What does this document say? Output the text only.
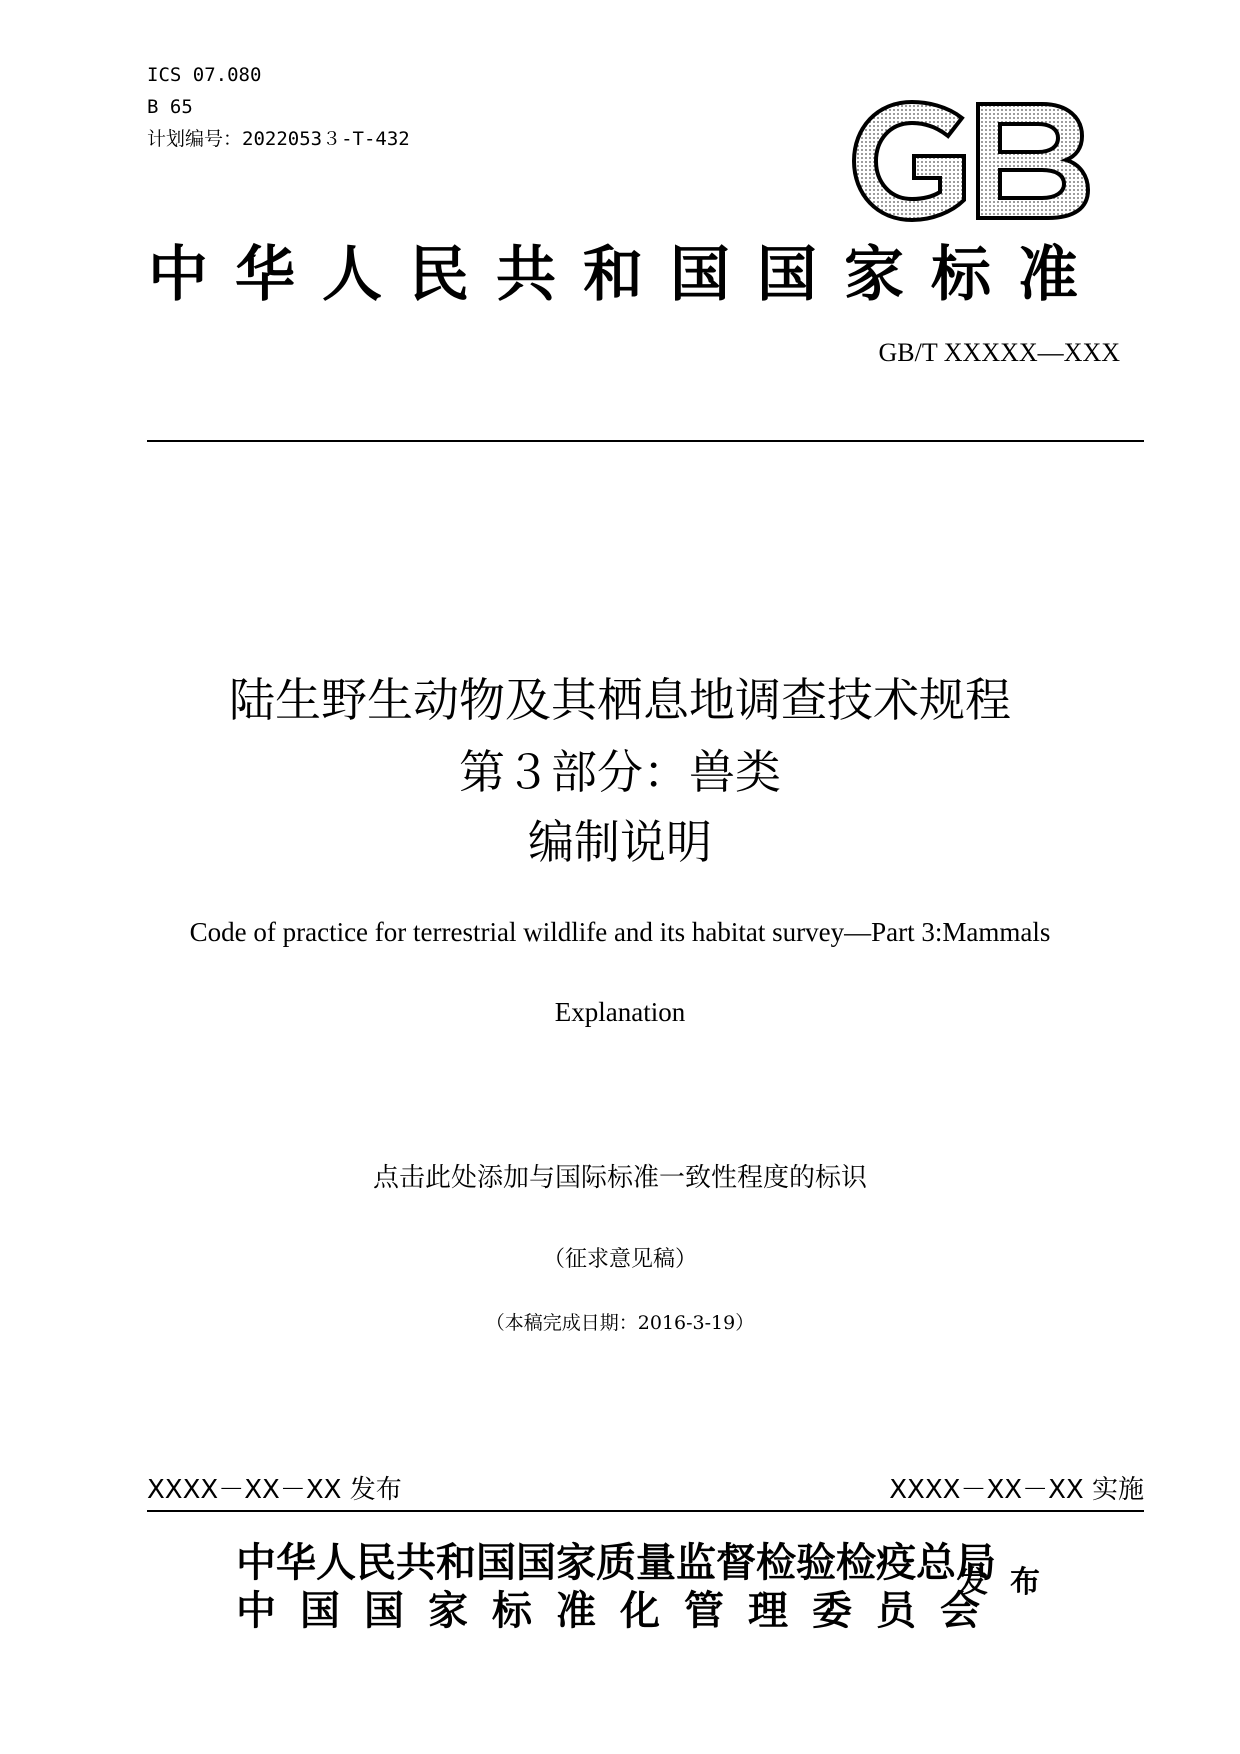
ICS 07.080
B 65
计划编号：2022053３-T-432
中华人民共和国国家标准
GB/T XXXXX—XXX
陆生野生动物及其栖息地调查技术规程
第３部分：兽类
编制说明
Code of practice for terrestrial wildlife and its habitat survey—Part 3:Mammals
Explanation
点击此处添加与国际标准一致性程度的标识
（征求意见稿）
（本稿完成日期：2016-3-19）
XXXX－XX－XX 发布	XXXX－XX－XX 实施
中华人民共和国国家质量监督检验检疫总局
中国国家标准化管理委员会
发布
